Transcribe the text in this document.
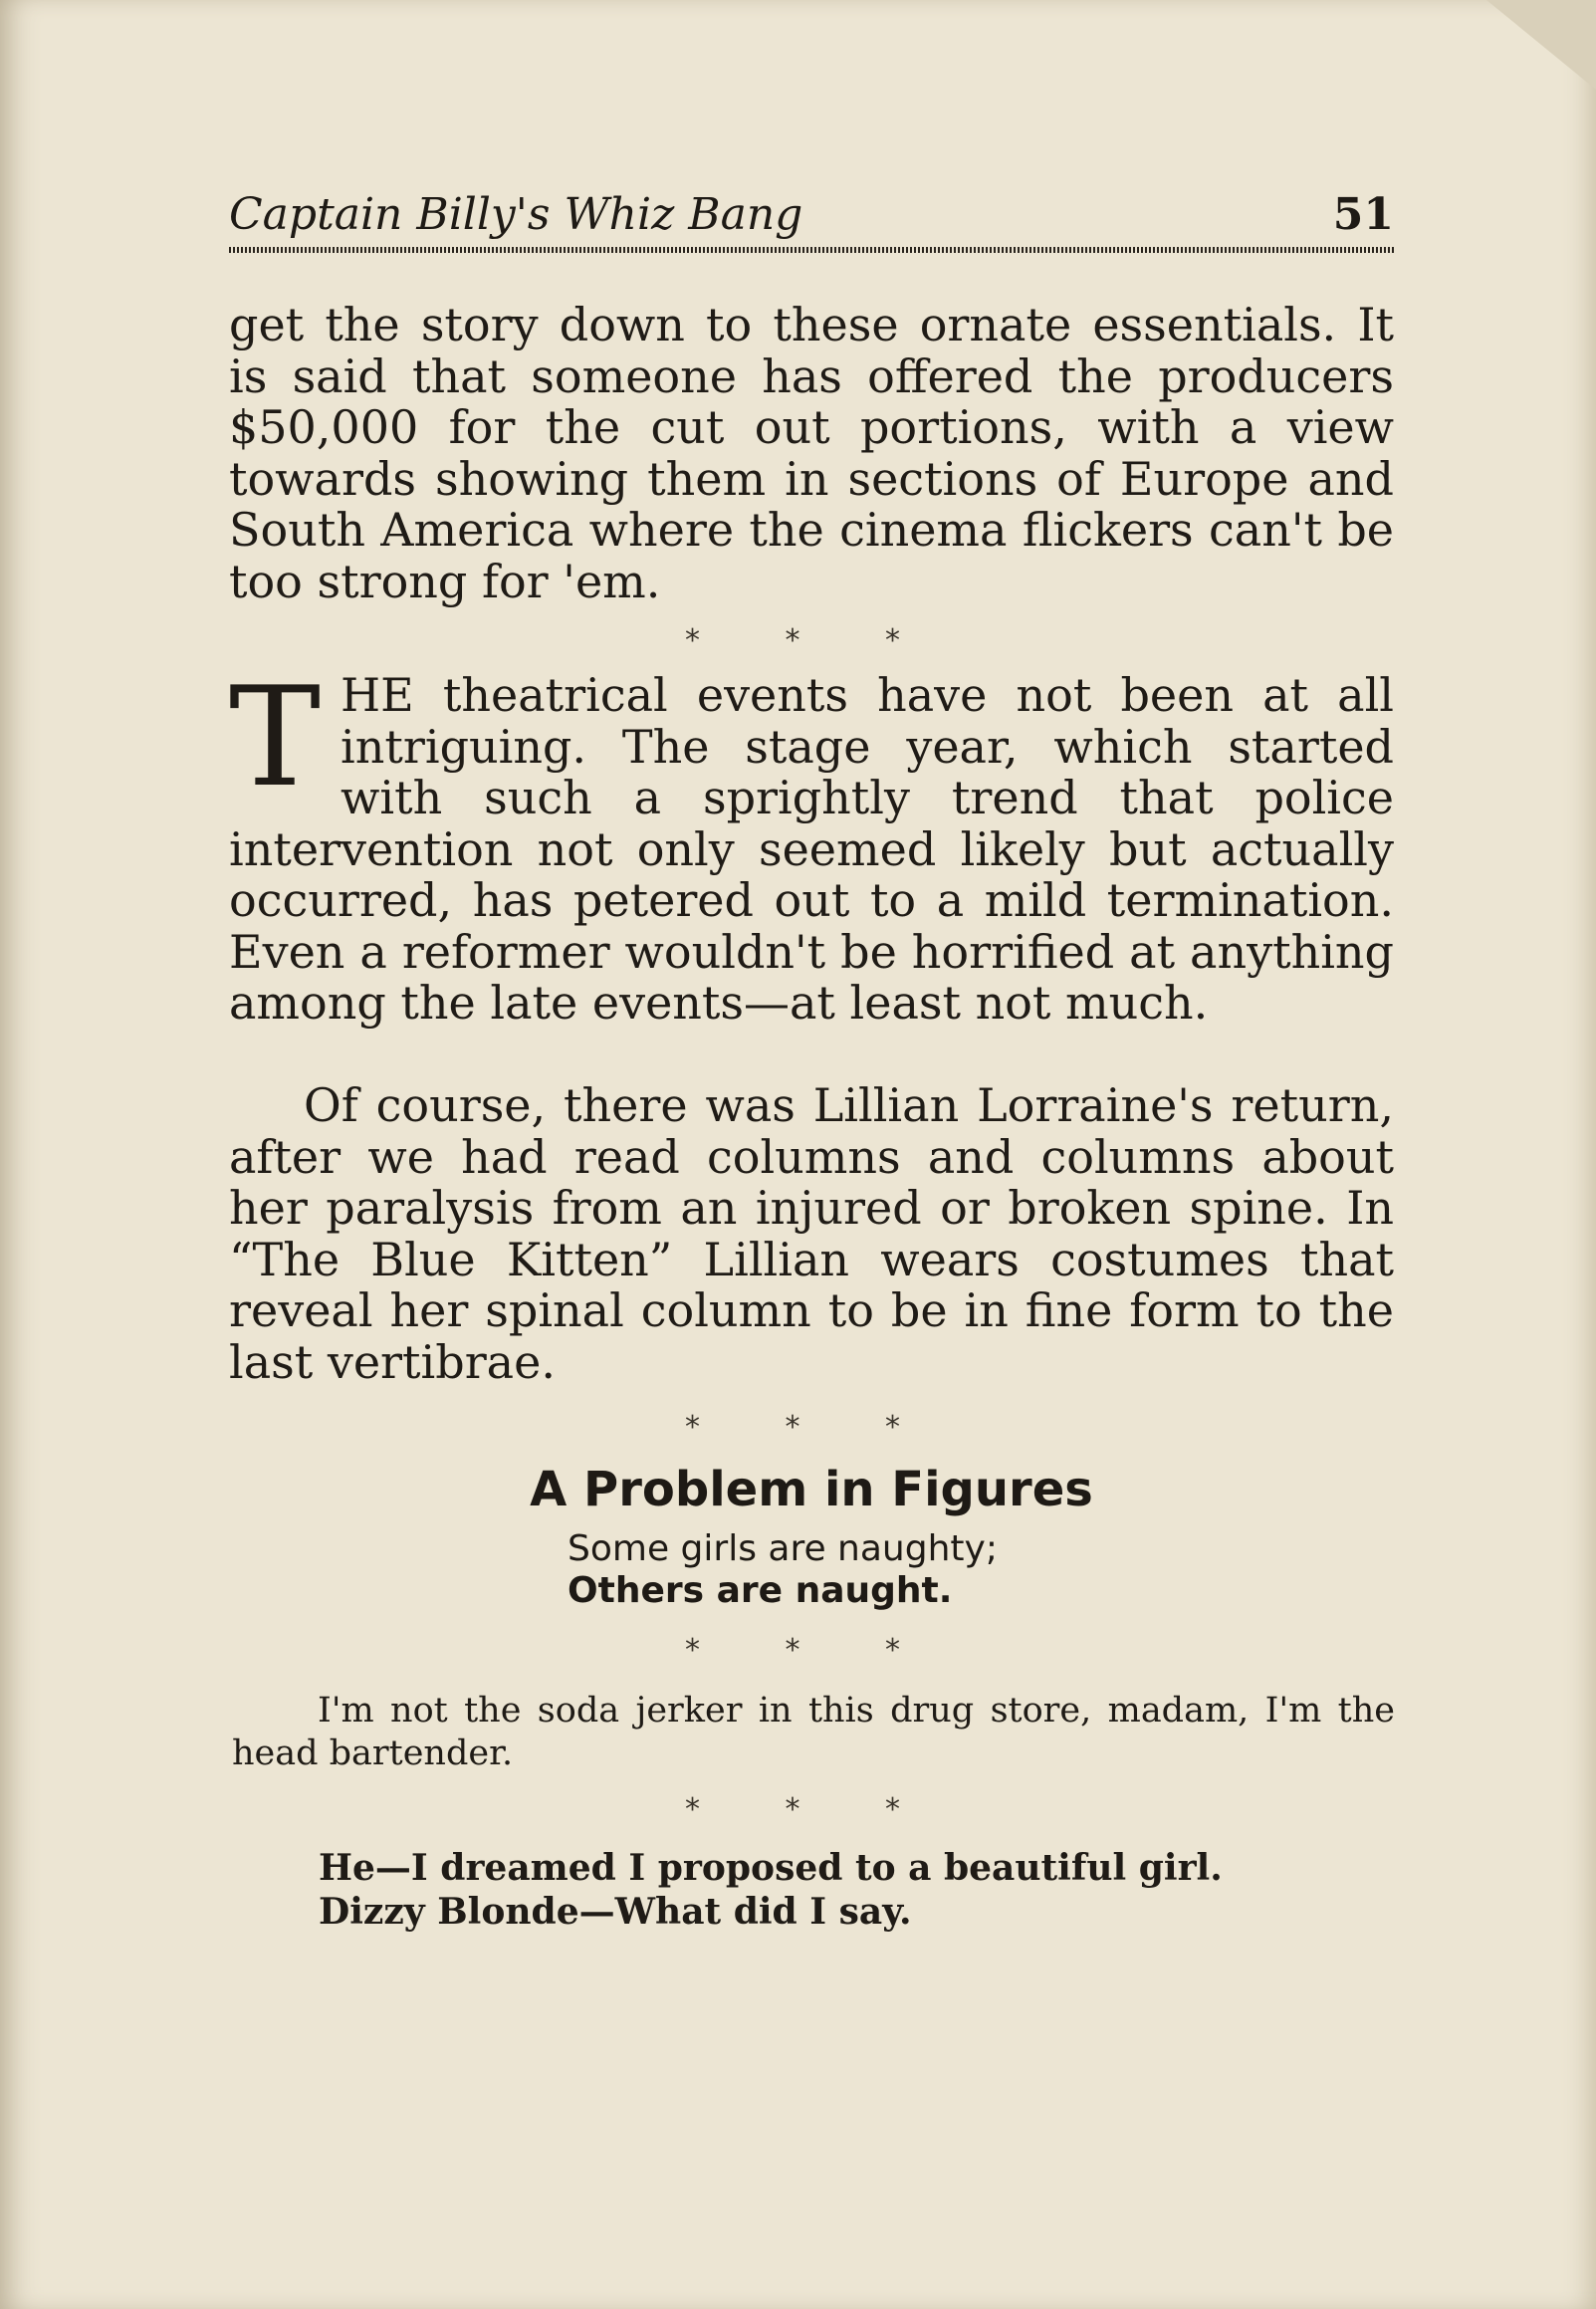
Captain Billy's Whiz Bang	51
get the story down to these ornate essentials. It is said that someone has offered the producers $50,000 for the cut out portions, with a view towards showing them in sections of Europe and South America where the cinema flickers can't be too strong for 'em.
* * *
THE theatrical events have not been at all intriguing. The stage year, which started with such a sprightly trend that police intervention not only seemed likely but actually occurred, has petered out to a mild termination. Even a reformer wouldn't be horrified at anything among the late events—at least not much.
Of course, there was Lillian Lorraine's return, after we had read columns and columns about her paralysis from an injured or broken spine. In “The Blue Kitten” Lillian wears costumes that reveal her spinal column to be in fine form to the last vertibrae.
* * *
A Problem in Figures
Some girls are naughty;
Others are naught.
* * *
I'm not the soda jerker in this drug store, madam, I'm the head bartender.
* * *
He—I dreamed I proposed to a beautiful girl.
Dizzy Blonde—What did I say.
